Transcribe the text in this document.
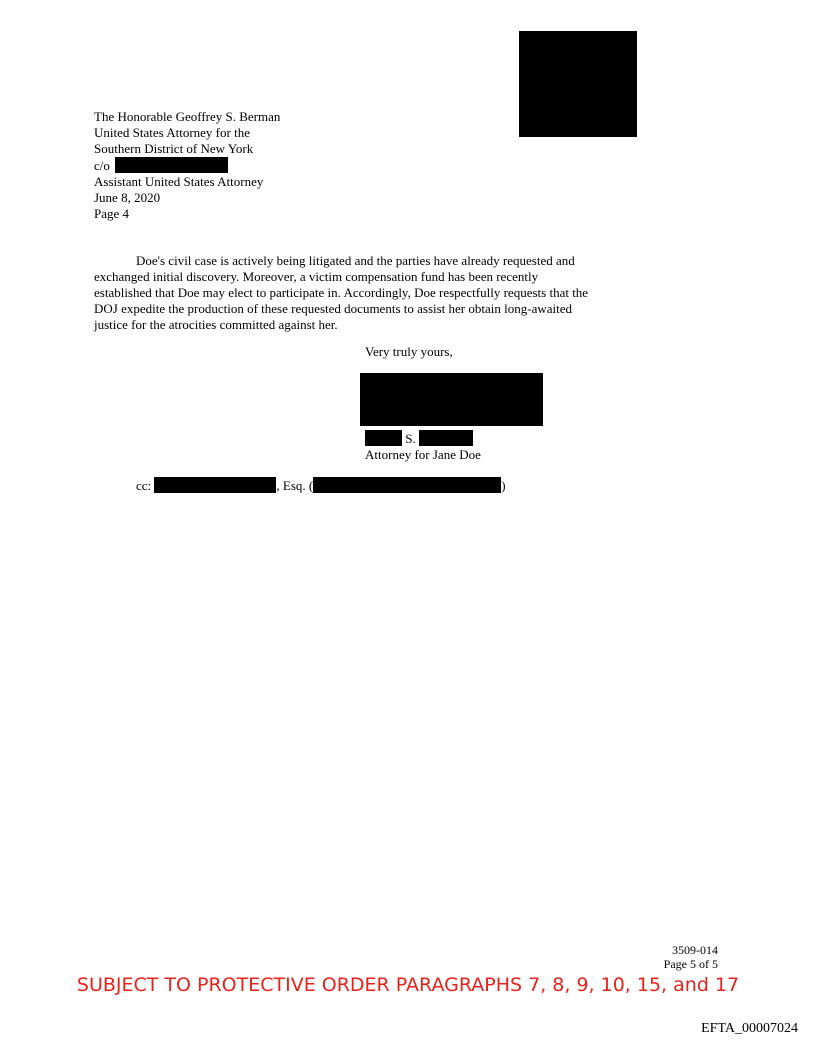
The Honorable Geoffrey S. Berman
United States Attorney for the
Southern District of New York
c/o
Assistant United States Attorney
June 8, 2020
Page 4
Doe's civil case is actively being litigated and the parties have already requested and
exchanged initial discovery. Moreover, a victim compensation fund has been recently
established that Doe may elect to participate in. Accordingly, Doe respectfully requests that the
DOJ expedite the production of these requested documents to assist her obtain long-awaited
justice for the atrocities committed against her.
Very truly yours,
S.
Attorney for Jane Doe
cc:	, Esq. (	)
3509-014
Page 5 of 5
SUBJECT TO PROTECTIVE ORDER PARAGRAPHS 7, 8, 9, 10, 15, and 17
EFTA_00007024
